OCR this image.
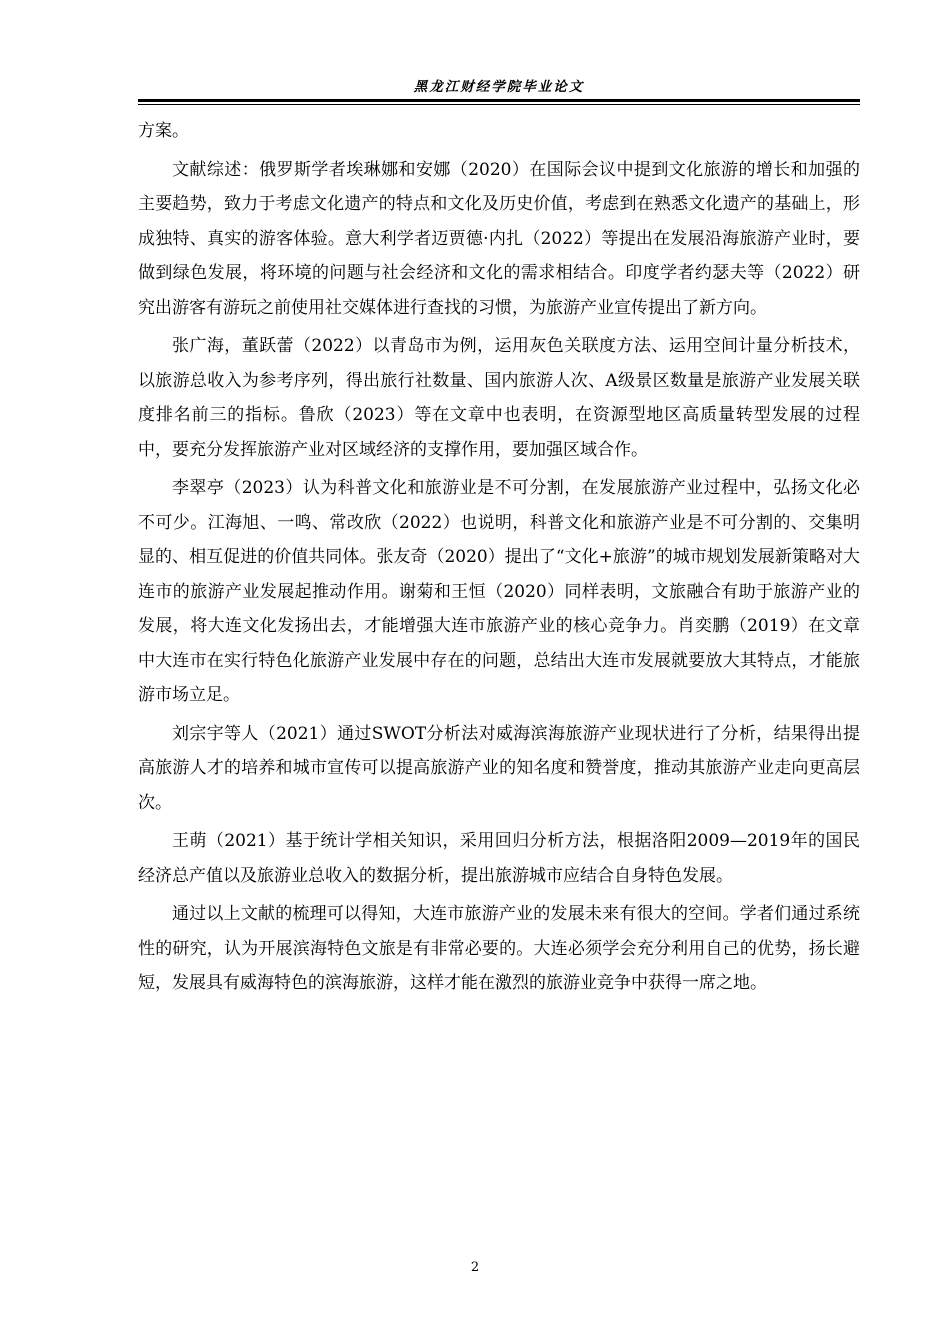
黑龙江财经学院毕业论文

方案。

文献综述：俄罗斯学者埃琳娜和安娜（2020）在国际会议中提到文化旅游的增长和加强的主要趋势，致力于考虑文化遗产的特点和文化及历史价值，考虑到在熟悉文化遗产的基础上，形成独特、真实的游客体验。意大利学者迈贾德·内扎（2022）等提出在发展沿海旅游产业时，要做到绿色发展，将环境的问题与社会经济和文化的需求相结合。印度学者约瑟夫等（2022）研究出游客有游玩之前使用社交媒体进行查找的习惯，为旅游产业宣传提出了新方向。

张广海，董跃蕾（2022）以青岛市为例，运用灰色关联度方法、运用空间计量分析技术，以旅游总收入为参考序列，得出旅行社数量、国内旅游人次、A级景区数量是旅游产业发展关联度排名前三的指标。鲁欣（2023）等在文章中也表明，在资源型地区高质量转型发展的过程中，要充分发挥旅游产业对区域经济的支撑作用，要加强区域合作。

李翠亭（2023）认为科普文化和旅游业是不可分割，在发展旅游产业过程中，弘扬文化必不可少。江海旭、一鸣、常改欣（2022）也说明，科普文化和旅游产业是不可分割的、交集明显的、相互促进的价值共同体。张友奇（2020）提出了“文化+旅游”的城市规划发展新策略对大连市的旅游产业发展起推动作用。谢菊和王恒（2020）同样表明，文旅融合有助于旅游产业的发展，将大连文化发扬出去，才能增强大连市旅游产业的核心竞争力。肖奕鹏（2019）在文章中大连市在实行特色化旅游产业发展中存在的问题，总结出大连市发展就要放大其特点，才能旅游市场立足。

刘宗宇等人（2021）通过SWOT分析法对威海滨海旅游产业现状进行了分析，结果得出提高旅游人才的培养和城市宣传可以提高旅游产业的知名度和赞誉度，推动其旅游产业走向更高层次。

王萌（2021）基于统计学相关知识，采用回归分析方法，根据洛阳2009—2019年的国民经济总产值以及旅游业总收入的数据分析，提出旅游城市应结合自身特色发展。

通过以上文献的梳理可以得知，大连市旅游产业的发展未来有很大的空间。学者们通过系统性的研究，认为开展滨海特色文旅是有非常必要的。大连必须学会充分利用自己的优势，扬长避短，发展具有威海特色的滨海旅游，这样才能在激烈的旅游业竞争中获得一席之地。

2
